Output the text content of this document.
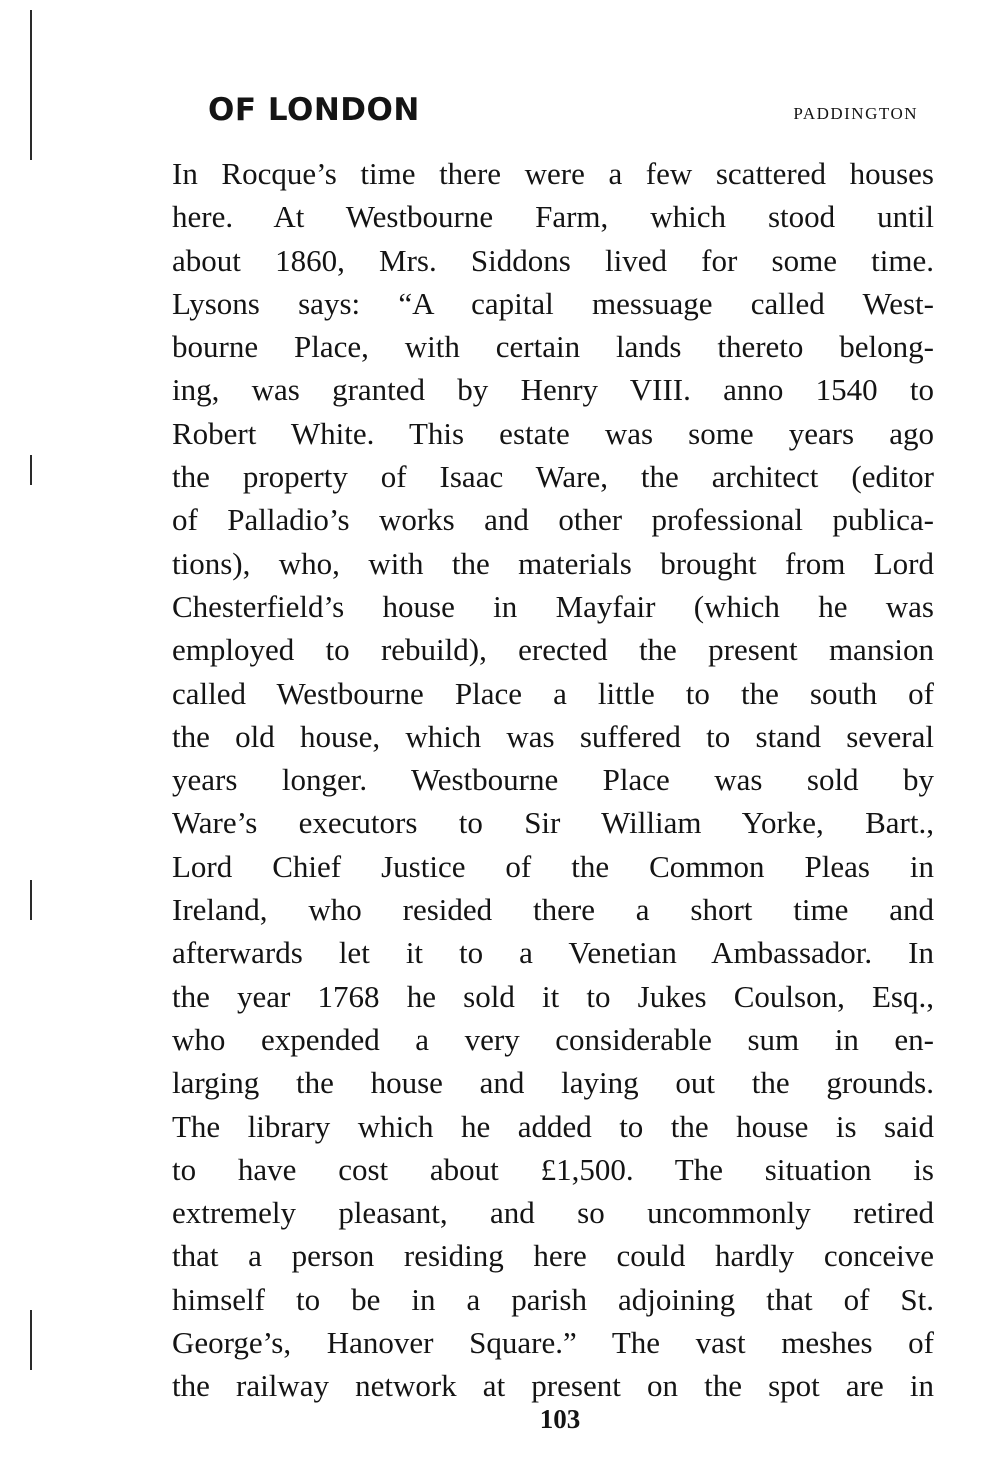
OF LONDON	PADDINGTON
In Rocque’s time there were a few scattered houses
here. At Westbourne Farm, which stood until
about 1860, Mrs. Siddons lived for some time.
Lysons says: “A capital messuage called West-
bourne Place, with certain lands thereto belong-
ing, was granted by Henry VIII. anno 1540 to
Robert White. This estate was some years ago
the property of Isaac Ware, the architect (editor
of Palladio’s works and other professional publica-
tions), who, with the materials brought from Lord
Chesterfield’s house in Mayfair (which he was
employed to rebuild), erected the present mansion
called Westbourne Place a little to the south of
the old house, which was suffered to stand several
years longer. Westbourne Place was sold by
Ware’s executors to Sir William Yorke, Bart.,
Lord Chief Justice of the Common Pleas in
Ireland, who resided there a short time and
afterwards let it to a Venetian Ambassador. In
the year 1768 he sold it to Jukes Coulson, Esq.,
who expended a very considerable sum in en-
larging the house and laying out the grounds.
The library which he added to the house is said
to have cost about £1,500. The situation is
extremely pleasant, and so uncommonly retired
that a person residing here could hardly conceive
himself to be in a parish adjoining that of St.
George’s, Hanover Square.” The vast meshes of
the railway network at present on the spot are in
103
